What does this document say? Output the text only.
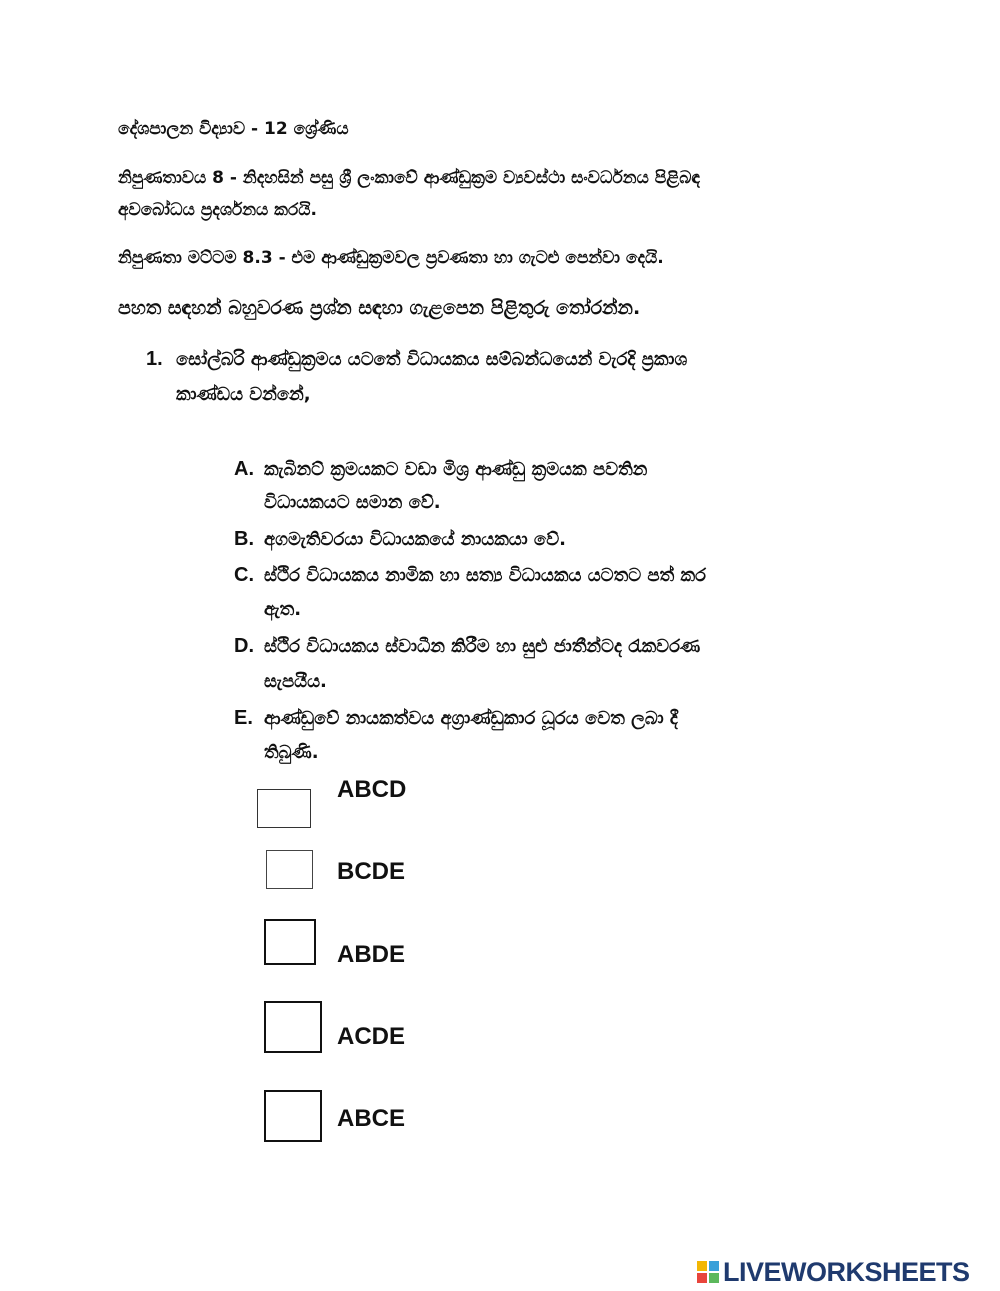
දේශපාලන විද්‍යාව - 12 ශ්‍රේණිය
නිපුණතාවය 8 - නිදහසින් පසු ශ්‍රී ලංකාවේ ආණ්ඩුක්‍රම ව්‍යවස්ථා සංවර්ධනය පිළිබඳ
අවබෝධය ප්‍රදර්ශනය කරයි.
නිපුණතා මට්ටම 8.3 - එම ආණ්ඩුක්‍රමවල ප්‍රවණතා හා ගැටළු පෙන්වා දෙයි.
පහත සඳහන් බහුවරණ ප්‍රශ්න සඳහා ගැළපෙන පිළිතුරු තෝරන්න.
1. සෝල්බරි ආණ්ඩුක්‍රමය යටතේ විධායකය සම්බන්ධයෙන් වැරදි ප්‍රකාශ
කාණ්ඩය වන්නේ,
A. කැබිනට් ක්‍රමයකට වඩා මිශ්‍ර ආණ්ඩු ක්‍රමයක පවතින
විධායකයට සමාන වේ.
B. අගමැතිවරයා විධායකයේ නායකයා වේ.
C. ස්ථිර විධායකය නාමික හා සත්‍ය විධායකය යටතට පත් කර
ඇත.
D. ස්ථිර විධායකය ස්වාධීන කිරීම හා සුළු ජාතීන්ටද රැකවරණ
සැපයීය.
E. ආණ්ඩුවේ නායකත්වය අග්‍රාණ්ඩුකාර ධූරය වෙත ලබා දී
තිබුණි.
ABCD
BCDE
ABDE
ACDE
ABCE
LIVEWORKSHEETS
